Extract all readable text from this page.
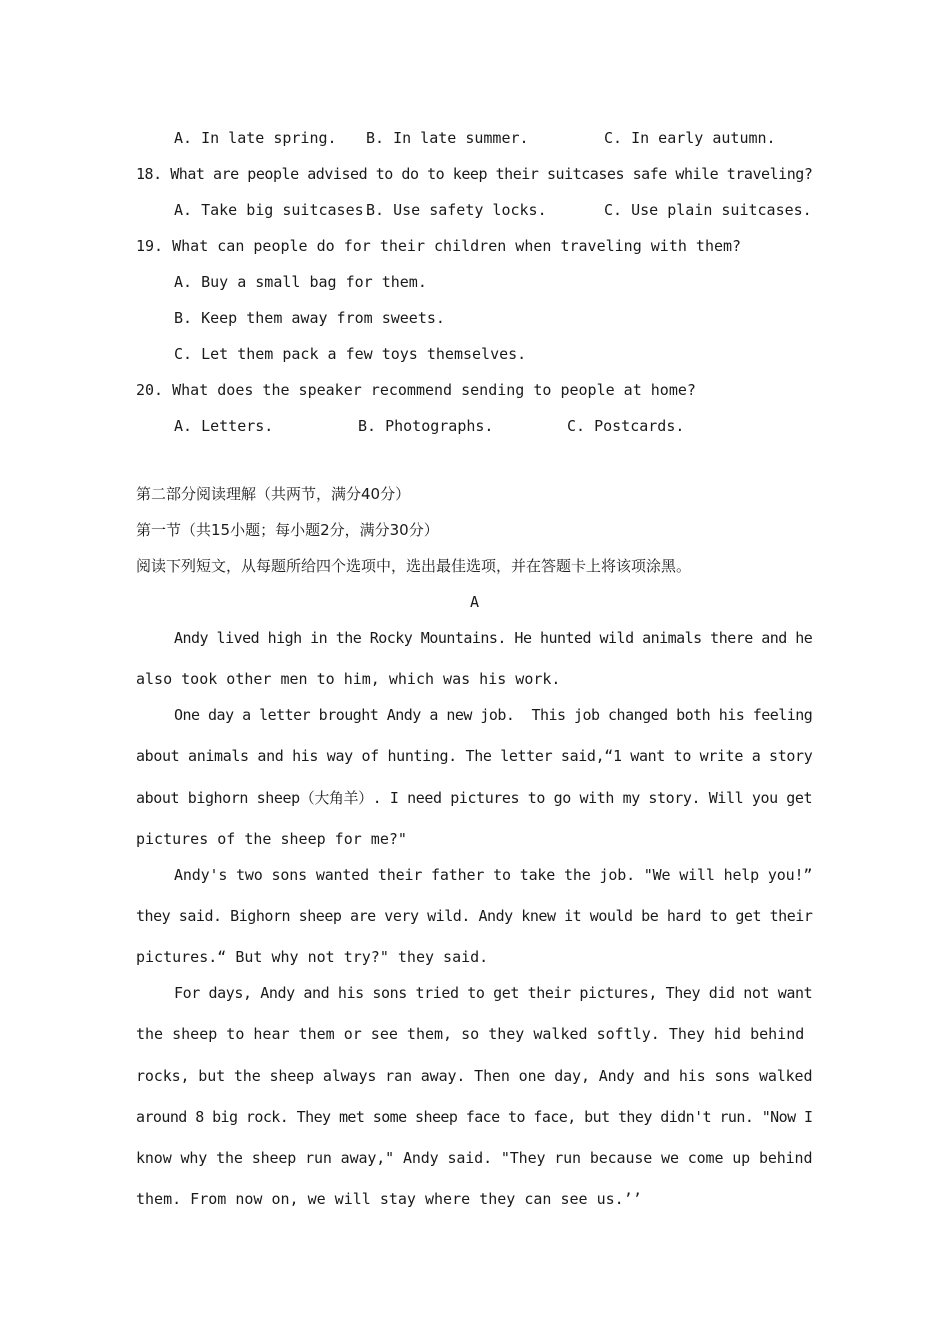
A. In late spring. B. In late summer.	C. In early autumn.
18. What are people advised to do to keep their suitcases safe while traveling?
A. Take big suitcases.
B. Use safety locks.	C. Use plain suitcases.
19. What can people do for their children when traveling with them?
A. Buy a small bag for them.
B. Keep them away from sweets.
C. Let them pack a few toys themselves.
20. What does the speaker recommend sending to people at home?
A. Letters.	B. Photographs.	C. Postcards.
第二部分阅读理解（共两节，满分40分）
第一节（共15小题；每小题2分，满分30分）
阅读下列短文，从每题所给四个选项中，选出最佳选项，并在答题卡上将该项涂黑。
A
Andy lived high in the Rocky Mountains. He hunted wild animals there and he
also took other men to him, which was his work.
One day a letter brought Andy a new job.  This job changed both his feeling
about animals and his way of hunting. The letter said,“1 want to write a story
about bighorn sheep（大角羊）. I need pictures to go with my story. Will you get
pictures of the sheep for me?"
Andy's two sons wanted their father to take the job. "We will help you!”
they said. Bighorn sheep are very wild. Andy knew it would be hard to get their
pictures.“ But why not try?" they said.
For days, Andy and his sons tried to get their pictures, They did not want
the sheep to hear them or see them, so they walked softly. They hid behind
rocks, but the sheep always ran away. Then one day, Andy and his sons walked
around 8 big rock. They met some sheep face to face, but they didn't run. "Now I
know why the sheep run away," Andy said. "They run because we come up behind
them. From now on, we will stay where they can see us.’’
